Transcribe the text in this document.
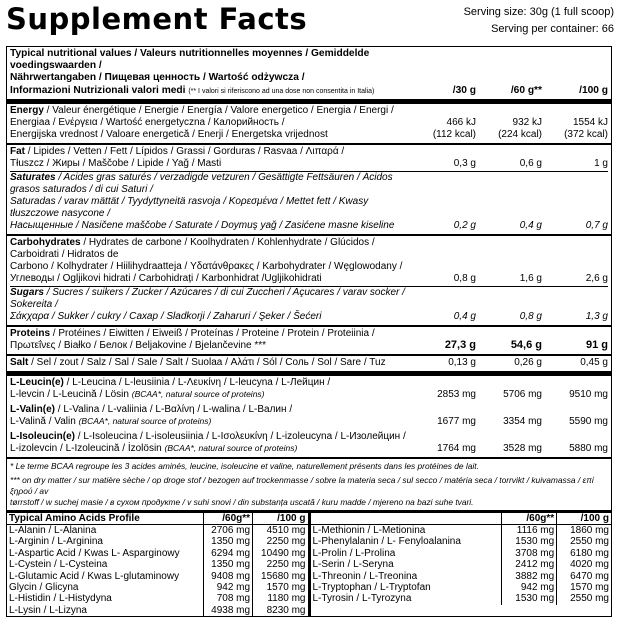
Supplement Facts	Serving size: 30g (1 full scoop)
Serving per container: 66
Typical nutritional values / Valeurs nutritionnelles moyennes / Gemiddelde voedingswaarden /
Nährwertangaben / Пищевая ценность / Wartość odżywcza /
Informazioni Nutrizionali valori medi (** I valori si riferiscono ad una dose non consentita in Italia)	/30 g	/60 g**	/100 g
Energy / Valeur énergétique / Energie / Energía / Valore energetico / Energia / Energi /
Energiaa / Ενέργεια / Wartość energetyczna / Калорийность /
Energijska vrednost / Valoare energetică / Enerji / Energetska vrijednost
466 kJ	932 kJ	1554 kJ
(112 kcal)	(224 kcal)	(372 kcal)
Fat / Lipides / Vetten / Fett / Lípidos / Grassi / Gorduras / Rasvaa / Λιπαρά /
Tłuszcz / Жиры / Maščobe / Lipide / Yağ / Masti	0,3 g	0,6 g	1 g
Saturates / Acides gras saturés / verzadigde vetzuren / Gesättigte Fettsäuren / Ácidos grasos saturados / di cui Saturi /
Saturadas / varav mättät / Tyydyttyneitä rasvoja / Κορεσμένα / Mettet fett / Kwasy tłuszczowe nasycone /
Насыщенные / Nasičene maščobe / Saturate / Doymuş yağ / Zasićene masne kiseline	0,2 g	0,4 g	0,7 g
Carbohydrates / Hydrates de carbone / Koolhydraten / Kohlenhydrate / Glúcidos / Carboidrati / Hidratos de
Carbono / Kolhydrater / Hiilihydraatteja / Υδατάνθρακες / Karbohydrater / Węglowodany /
Углеводы / Ogljikovi hidrati / Carbohidrați / Karbonhidrat /Ugljikohidrati	0,8 g	1,6 g	2,6 g
Sugars / Sucres / suikers / Zucker / Azúcares / di cui Zuccheri / Açucares / varav socker / Sokereita /
Σάκχαρα / Sukker / cukry / Сахар / Sladkorji / Zaharuri / Şeker / Šećeri	0,4 g	0,8 g	1,3 g
Proteins / Protéines / Eiwitten / Eiweiß / Proteínas / Proteine / Protein / Proteiinia /
Πρωτεΐνες / Białko / Белок / Beljakovine / Bjelančevine ***	27,3 g	54,6 g	91 g
Salt / Sel / zout / Salz / Sal / Sale / Salt / Suolaa / Αλάτι / Sól / Соль / Sol / Sare / Tuz	0,13 g	0,26 g	0,45 g
L-Leucin(e) / L-Leucina / L-leusiinia / L-Λευκίνη / L-leucyna / L-Лейцин /
L-levcin / L-Leucină / Lösin (BCAA*, natural source of proteins)	2853 mg	5706 mg	9510 mg
L-Valin(e) / L-Valina / L-valiinia / L-Βαλίνη / L-walina / L-Валин /
L-Valină / Valin (BCAA*, natural source of proteins)	1677 mg	3354 mg	5590 mg
L-Isoleucin(e) / L-Isoleucina / L-isoleusiinia / L-Ισολευκίνη / L-izoleucyna / L-Изолейцин /
L-izolevcin / L-Izoleucină / İzolösin (BCAA*, natural source of proteins)	1764 mg	3528 mg	5880 mg
* Le terme BCAA regroupe les 3 acides aminés, leucine, isoleucine et valine, naturellement présents dans les protéines de lait.
*** on dry matter / sur matière sèche / op droge stof / bezogen auf trockenmasse / sobre la materia seca / sul secco / matéria seca / torrvikt / kuivamassa / επί ξηρού / av
tørrstoff / w suchej masie / в сухом продукте / v suhi snovi / din substanța uscată / kuru madde / mjereno na bazi suhe tvari.
Typical Amino Acids Profile	/60g**	/100 g
L-Alanin / L-Alanina	2706 mg	4510 mg
L-Arginin / L-Arginina	1350 mg	2250 mg
L-Aspartic Acid / Kwas L- Asparginowy	6294 mg	10490 mg
L-Cystein / L-Cysteina	1350 mg	2250 mg
L-Glutamic Acid / Kwas L-glutaminowy	9408 mg	15680 mg
Glycin / Glicyna	942 mg	1570 mg
L-Histidin / L-Histydyna	708 mg	1180 mg
L-Lysin / L-Lizyna	4938 mg	8230 mg
	/60g**	/100 g
L-Methionin / L-Metionina	1116 mg	1860 mg
L-Phenylalanin / L- Fenyloalanina	1530 mg	2550 mg
L-Prolin / L-Prolina	3708 mg	6180 mg
L-Serin / L-Seryna	2412 mg	4020 mg
L-Threonin / L-Treonina	3882 mg	6470 mg
L-Tryptophan / L-Tryptofan	942 mg	1570 mg
L-Tyrosin / L-Tyrozyna	1530 mg	2550 mg
